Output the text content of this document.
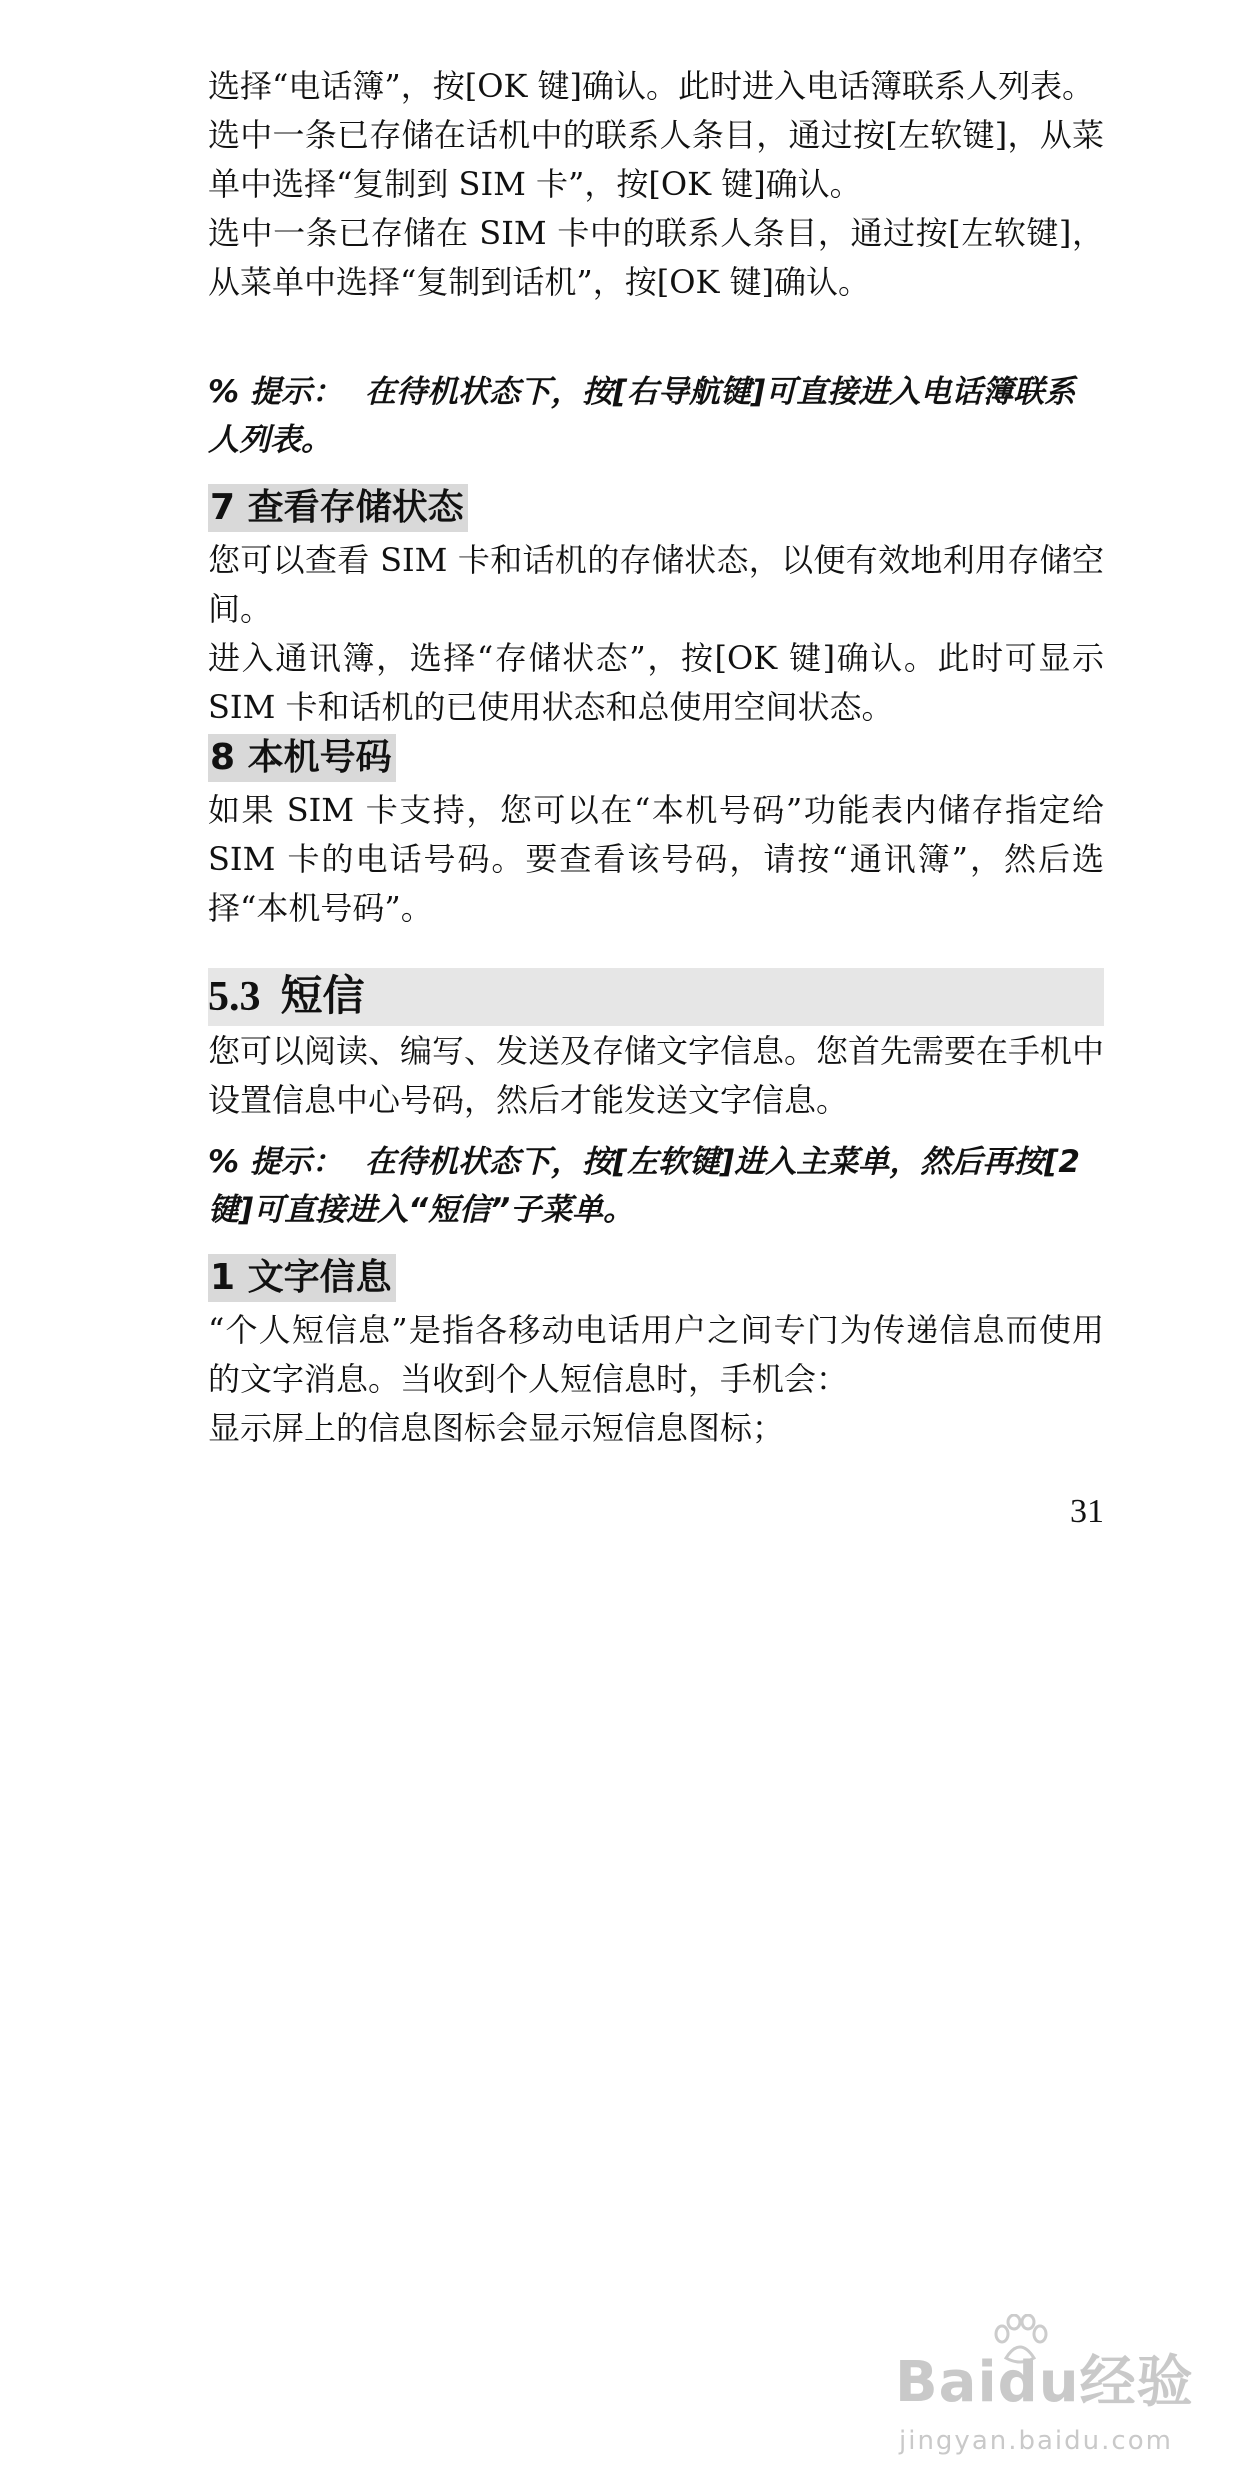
选择“电话簿”，按[OK 键]确认。此时进入电话簿联系人列表。

选中一条已存储在话机中的联系人条目，通过按[左软键]，从菜单中选择“复制到 SIM 卡”，按[OK 键]确认。

选中一条已存储在 SIM 卡中的联系人条目，通过按[左软键]，从菜单中选择“复制到话机”，按[OK 键]确认。

% 提示： 在待机状态下，按[右导航键]可直接进入电话簿联系人列表。

7 查看存储状态

您可以查看 SIM 卡和话机的存储状态，以便有效地利用存储空间。

进入通讯簿，选择“存储状态”，按[OK 键]确认。此时可显示 SIM 卡和话机的已使用状态和总使用空间状态。

8 本机号码

如果 SIM 卡支持，您可以在“本机号码”功能表内储存指定给 SIM 卡的电话号码。要查看该号码，请按“通讯簿”，然后选择“本机号码”。

5.3 短信

您可以阅读、编写、发送及存储文字信息。您首先需要在手机中设置信息中心号码，然后才能发送文字信息。

% 提示： 在待机状态下，按[左软键]进入主菜单，然后再按[2 键]可直接进入“短信”子菜单。

1 文字信息

“个人短信息”是指各移动电话用户之间专门为传递信息而使用的文字消息。当收到个人短信息时，手机会：

显示屏上的信息图标会显示短信息图标；

31
Baidu经验
jingyan.baidu.com
